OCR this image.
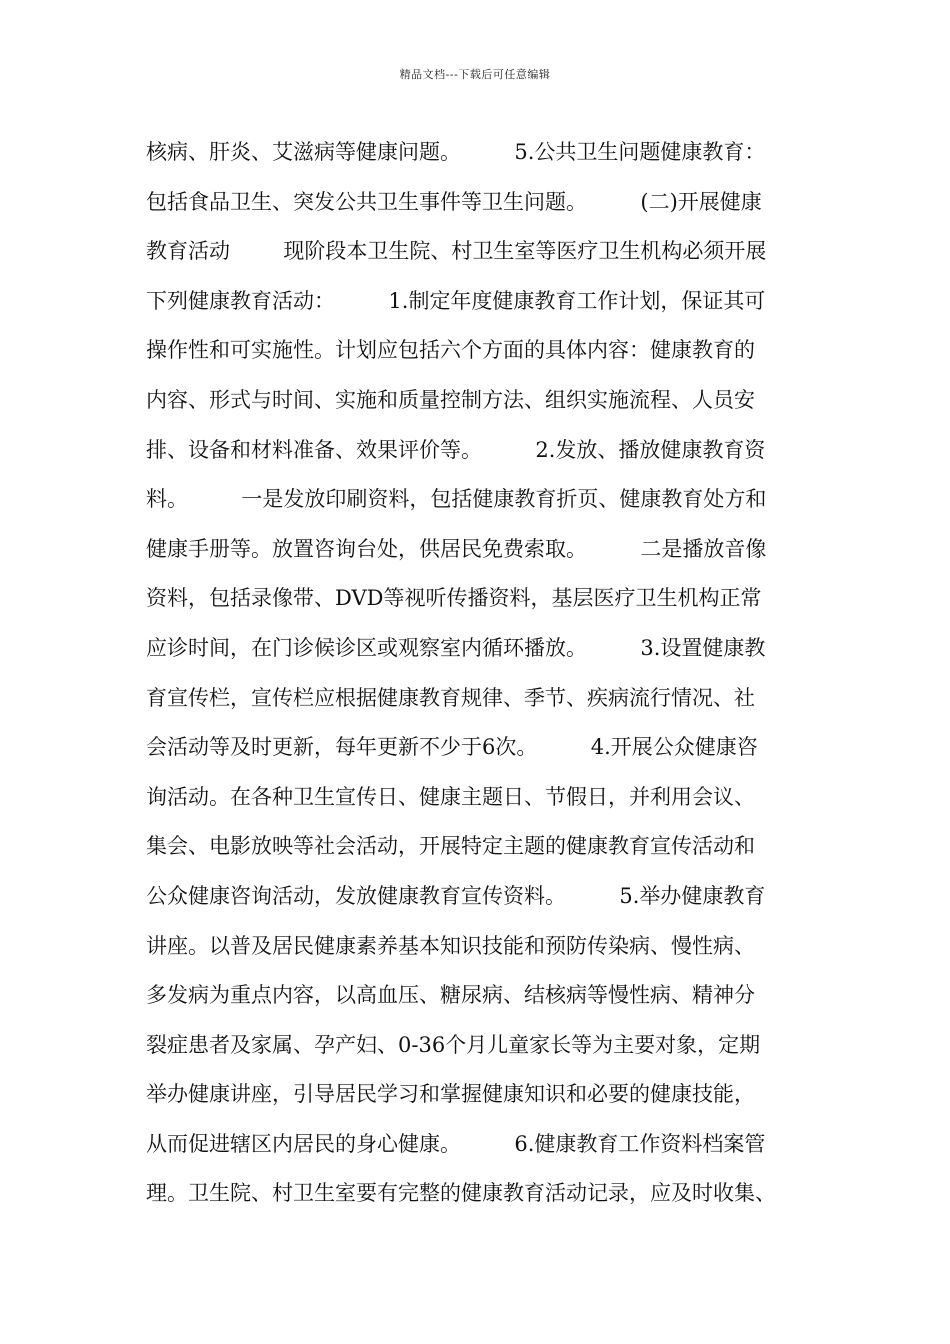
精品文档---下载后可任意编辑
核病、肝炎、艾滋病等健康问题。        5.公共卫生问题健康教育：
包括食品卫生、突发公共卫生事件等卫生问题。        (二)开展健康
教育活动        现阶段本卫生院、村卫生室等医疗卫生机构必须开展
下列健康教育活动：        1.制定年度健康教育工作计划，保证其可
操作性和可实施性。计划应包括六个方面的具体内容：健康教育的
内容、形式与时间、实施和质量控制方法、组织实施流程、人员安
排、设备和材料准备、效果评价等。        2.发放、播放健康教育资
料。        一是发放印刷资料，包括健康教育折页、健康教育处方和
健康手册等。放置咨询台处，供居民免费索取。        二是播放音像
资料，包括录像带、DVD等视听传播资料，基层医疗卫生机构正常
应诊时间，在门诊候诊区或观察室内循环播放。        3.设置健康教
育宣传栏，宣传栏应根据健康教育规律、季节、疾病流行情况、社
会活动等及时更新，每年更新不少于6次。        4.开展公众健康咨
询活动。在各种卫生宣传日、健康主题日、节假日，并利用会议、
集会、电影放映等社会活动，开展特定主题的健康教育宣传活动和
公众健康咨询活动，发放健康教育宣传资料。        5.举办健康教育
讲座。以普及居民健康素养基本知识技能和预防传染病、慢性病、
多发病为重点内容，以高血压、糖尿病、结核病等慢性病、精神分
裂症患者及家属、孕产妇、0-36个月儿童家长等为主要对象，定期
举办健康讲座，引导居民学习和掌握健康知识和必要的健康技能，
从而促进辖区内居民的身心健康。        6.健康教育工作资料档案管
理。卫生院、村卫生室要有完整的健康教育活动记录，应及时收集、
